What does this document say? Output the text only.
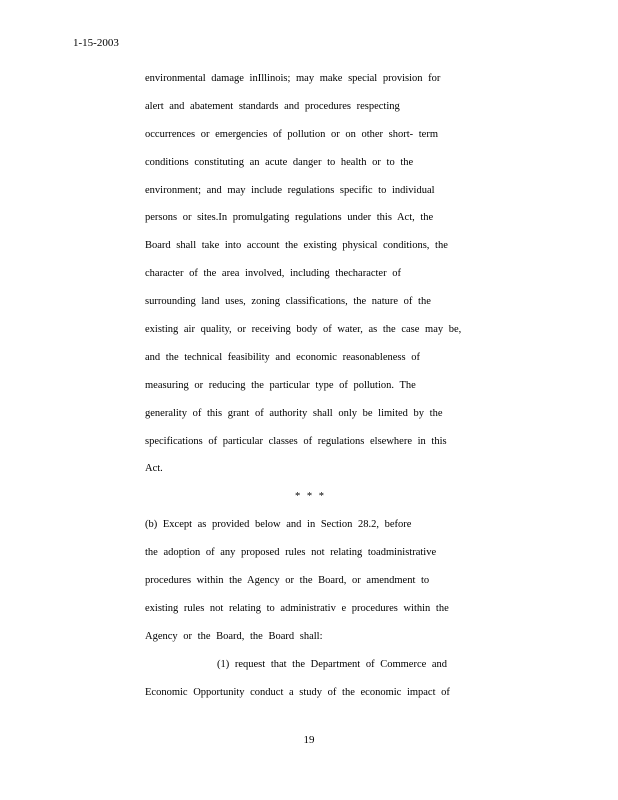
1-15-2003
environmental damage inIllinois; may make special provision for
alert and abatement standards and procedures respecting
occurrences or emergencies of pollution or on other short- term
conditions constituting an acute danger to health or to the
environment; and may include regulations specific to individual
persons or sites.In promulgating regulations under this Act, the
Board shall take into account the existing physical conditions, the
character of the area involved, including thecharacter of
surrounding land uses, zoning classifications, the nature of the
existing air quality, or receiving body of water, as the case may be,
and the technical feasibility and economic reasonableness of
measuring or reducing the particular type of pollution. The
generality of this grant of authority shall only be limited by the
specifications of particular classes of regulations elsewhere in this
Act.
* * *
(b) Except as provided below and in Section 28.2, before
the adoption of any proposed rules not relating toadministrative
procedures within the Agency or the Board, or amendment to
existing rules not relating to administrativ e procedures within the
Agency or the Board, the Board shall:
(1) request that the Department of Commerce and
Economic Opportunity conduct a study of the economic impact of
19
